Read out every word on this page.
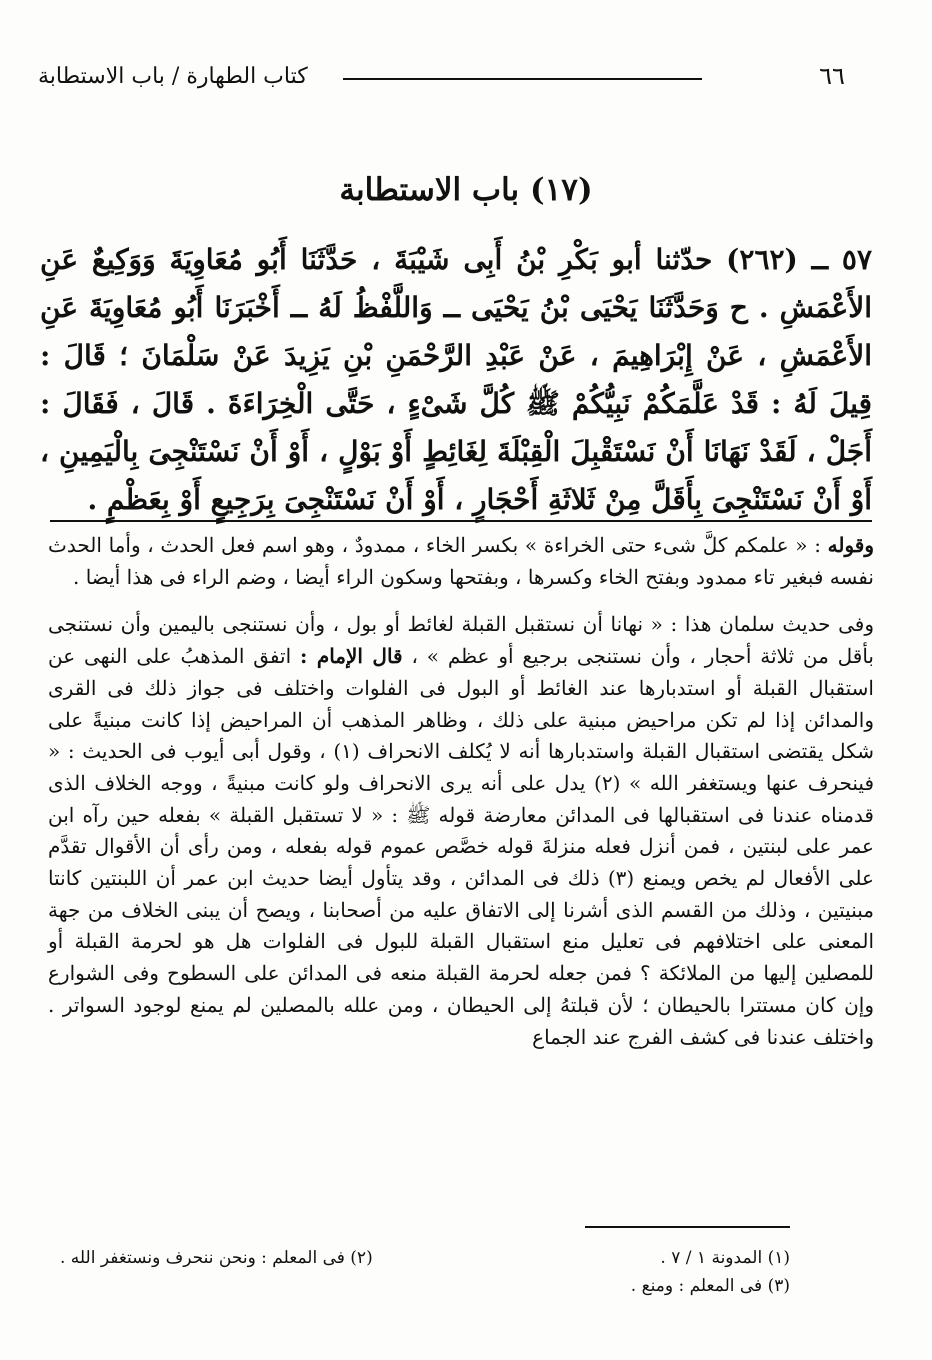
٦٦
كتاب الطهارة / باب الاستطابة
(١٧) باب الاستطابة

٥٧ ــ (٢٦٢) حدّثنا أبو بَكْرِ بْنُ أَبِى شَيْبَةَ ، حَدَّثَنَا أَبُو مُعَاوِيَةَ وَوَكِيعٌ عَنِ الأَعْمَشِ . ح وَحَدَّثَنَا يَحْيَى بْنُ يَحْيَى ــ وَاللَّفْظُ لَهُ ــ أَخْبَرَنَا أَبُو مُعَاوِيَةَ عَنِ الأَعْمَشِ ، عَنْ إِبْرَاهِيمَ ، عَنْ عَبْدِ الرَّحْمَنِ بْنِ يَزِيدَ عَنْ سَلْمَانَ ؛ قَالَ : قِيلَ لَهُ : قَدْ عَلَّمَكُمْ نَبِيُّكُمْ ﷺ كُلَّ شَىْءٍ ، حَتَّى الْخِرَاءَةَ . قَالَ ، فَقَالَ : أَجَلْ ، لَقَدْ نَهَانَا أَنْ نَسْتَقْبِلَ الْقِبْلَةَ لِغَائِطٍ أَوْ بَوْلٍ ، أَوْ أَنْ نَسْتَنْجِىَ بِالْيَمِينِ ، أَوْ أَنْ نَسْتَنْجِىَ بِأَقَلَّ مِنْ ثَلاثَةِ أَحْجَارٍ ، أَوْ أَنْ نَسْتَنْجِىَ بِرَجِيعٍ أَوْ بِعَظْمٍ .

وقوله : « علمكم كلَّ شىء حتى الخراءة » بكسر الخاء ، ممدودٌ ، وهو اسم فعل الحدث ، وأما الحدث نفسه فبغير تاء ممدود وبفتح الخاء وكسرها ، وبفتحها وسكون الراء أيضا ، وضم الراء فى هذا أيضا .

وفى حديث سلمان هذا : « نهانا أن نستقبل القبلة لغائط أو بول ، وأن نستنجى باليمين وأن نستنجى بأقل من ثلاثة أحجار ، وأن نستنجى برجيع أو عظم » ، قال الإمام : اتفق المذهبُ على النهى عن استقبال القبلة أو استدبارها عند الغائط أو البول فى الفلوات واختلف فى جواز ذلك فى القرى والمدائن إذا لم تكن مراحيض مبنية على ذلك ، وظاهر المذهب أن المراحيض إذا كانت مبنيةً على شكل يقتضى استقبال القبلة واستدبارها أنه لا يُكلف الانحراف (١) ، وقول أبى أيوب فى الحديث : « فينحرف عنها ويستغفر الله » (٢) يدل على أنه يرى الانحراف ولو كانت مبنيةً ، ووجه الخلاف الذى قدمناه عندنا فى استقبالها فى المدائن معارضة قوله ﷺ : « لا تستقبل القبلة » بفعله حين رآه ابن عمر على لبنتين ، فمن أنزل فعله منزلةَ قوله خصَّص عموم قوله بفعله ، ومن رأى أن الأقوال تقدَّم على الأفعال لم يخص ويمنع (٣) ذلك فى المدائن ، وقد يتأول أيضا حديث ابن عمر أن اللبنتين كانتا مبنيتين ، وذلك من القسم الذى أشرنا إلى الاتفاق عليه من أصحابنا ، ويصح أن يبنى الخلاف من جهة المعنى على اختلافهم فى تعليل منع استقبال القبلة للبول فى الفلوات هل هو لحرمة القبلة أو للمصلين إليها من الملائكة ؟ فمن جعله لحرمة القبلة منعه فى المدائن على السطوح وفى الشوارع وإن كان مستترا بالحيطان ؛ لأن قبلتهُ إلى الحيطان ، ومن علله بالمصلين لم يمنع لوجود السواتر . واختلف عندنا فى كشف الفرج عند الجماع

(١) المدونة ١ / ٧ .
(٢) فى المعلم : ونحن ننحرف ونستغفر الله .
(٣) فى المعلم : ومنع .
